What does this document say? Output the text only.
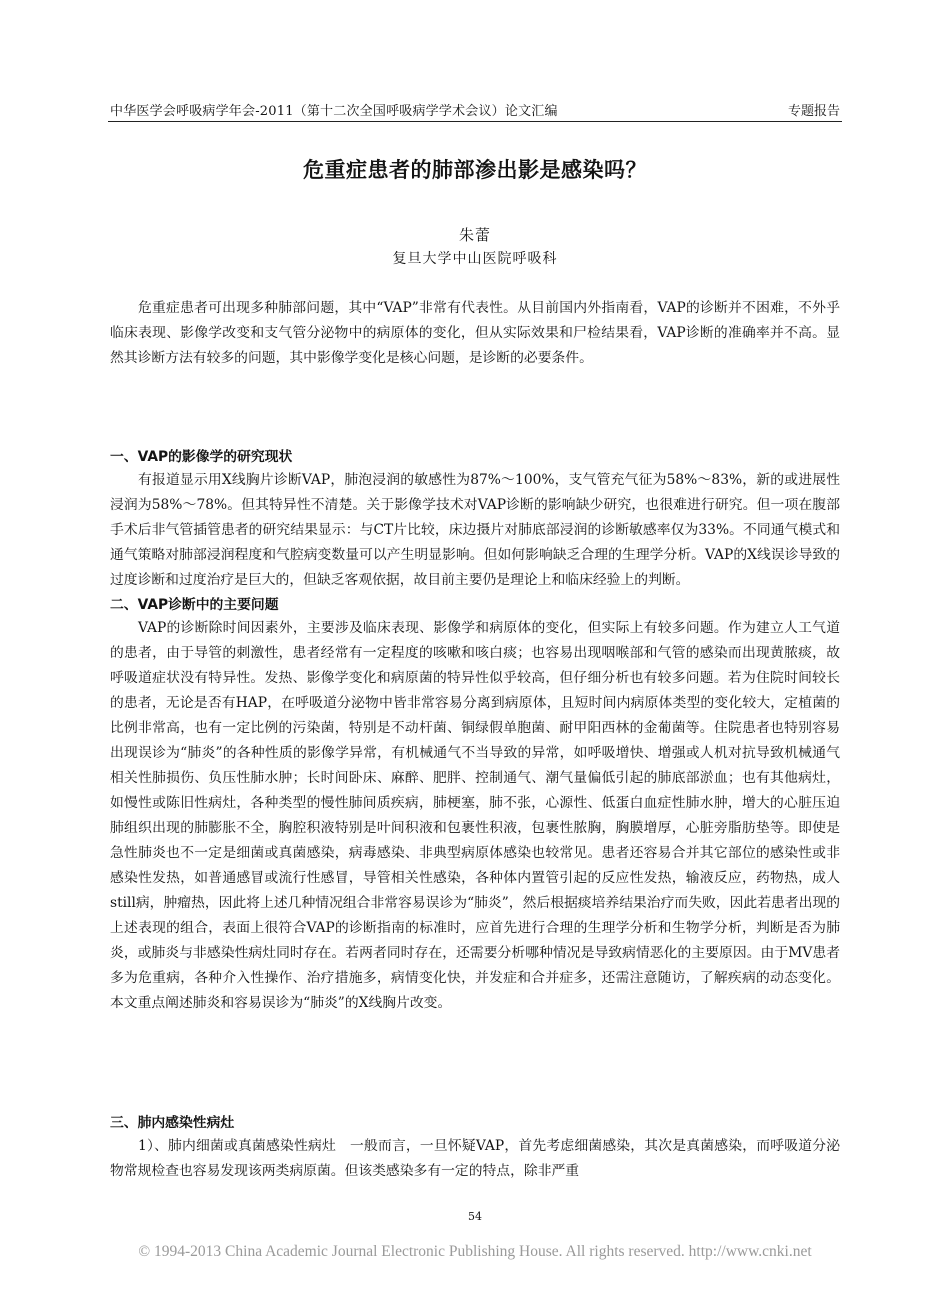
中华医学会呼吸病学年会-2011（第十二次全国呼吸病学学术会议）论文汇编	专题报告
危重症患者的肺部渗出影是感染吗？
朱蕾
复旦大学中山医院呼吸科

危重症患者可出现多种肺部问题，其中“VAP”非常有代表性。从目前国内外指南看，VAP的诊断并不困难，不外乎临床表现、影像学改变和支气管分泌物中的病原体的变化，但从实际效果和尸检结果看，VAP诊断的准确率并不高。显然其诊断方法有较多的问题，其中影像学变化是核心问题，是诊断的必要条件。

一、VAP的影像学的研究现状

有报道显示用X线胸片诊断VAP，肺泡浸润的敏感性为87%～100%，支气管充气征为58%～83%，新的或进展性浸润为58%～78%。但其特异性不清楚。关于影像学技术对VAP诊断的影响缺少研究，也很难进行研究。但一项在腹部手术后非气管插管患者的研究结果显示：与CT片比较，床边摄片对肺底部浸润的诊断敏感率仅为33%。不同通气模式和通气策略对肺部浸润程度和气腔病变数量可以产生明显影响。但如何影响缺乏合理的生理学分析。VAP的X线误诊导致的过度诊断和过度治疗是巨大的，但缺乏客观依据，故目前主要仍是理论上和临床经验上的判断。

二、VAP诊断中的主要问题

VAP的诊断除时间因素外，主要涉及临床表现、影像学和病原体的变化，但实际上有较多问题。作为建立人工气道的患者，由于导管的刺激性，患者经常有一定程度的咳嗽和咳白痰；也容易出现咽喉部和气管的感染而出现黄脓痰，故呼吸道症状没有特异性。发热、影像学变化和病原菌的特异性似乎较高，但仔细分析也有较多问题。若为住院时间较长的患者，无论是否有HAP，在呼吸道分泌物中皆非常容易分离到病原体，且短时间内病原体类型的变化较大，定植菌的比例非常高，也有一定比例的污染菌，特别是不动杆菌、铜绿假单胞菌、耐甲阳西林的金葡菌等。住院患者也特别容易出现误诊为“肺炎”的各种性质的影像学异常，有机械通气不当导致的异常，如呼吸增快、增强或人机对抗导致机械通气相关性肺损伤、负压性肺水肿；长时间卧床、麻醉、肥胖、控制通气、潮气量偏低引起的肺底部淤血；也有其他病灶，如慢性或陈旧性病灶，各种类型的慢性肺间质疾病，肺梗塞，肺不张，心源性、低蛋白血症性肺水肿，增大的心脏压迫肺组织出现的肺膨胀不全，胸腔积液特别是叶间积液和包裹性积液，包裹性脓胸，胸膜增厚，心脏旁脂肪垫等。即使是急性肺炎也不一定是细菌或真菌感染，病毒感染、非典型病原体感染也较常见。患者还容易合并其它部位的感染性或非感染性发热，如普通感冒或流行性感冒，导管相关性感染，各种体内置管引起的反应性发热，输液反应，药物热，成人still病，肿瘤热，因此将上述几种情况组合非常容易误诊为“肺炎”，然后根据痰培养结果治疗而失败，因此若患者出现的上述表现的组合，表面上很符合VAP的诊断指南的标准时，应首先进行合理的生理学分析和生物学分析，判断是否为肺炎，或肺炎与非感染性病灶同时存在。若两者同时存在，还需要分析哪种情况是导致病情恶化的主要原因。由于MV患者多为危重病，各种介入性操作、治疗措施多，病情变化快，并发症和合并症多，还需注意随访，了解疾病的动态变化。本文重点阐述肺炎和容易误诊为“肺炎”的X线胸片改变。

三、肺内感染性病灶

1）、肺内细菌或真菌感染性病灶　一般而言，一旦怀疑VAP，首先考虑细菌感染，其次是真菌感染，而呼吸道分泌物常规检查也容易发现该两类病原菌。但该类感染多有一定的特点，除非严重

54
© 1994-2013 China Academic Journal Electronic Publishing House. All rights reserved. http://www.cnki.net
